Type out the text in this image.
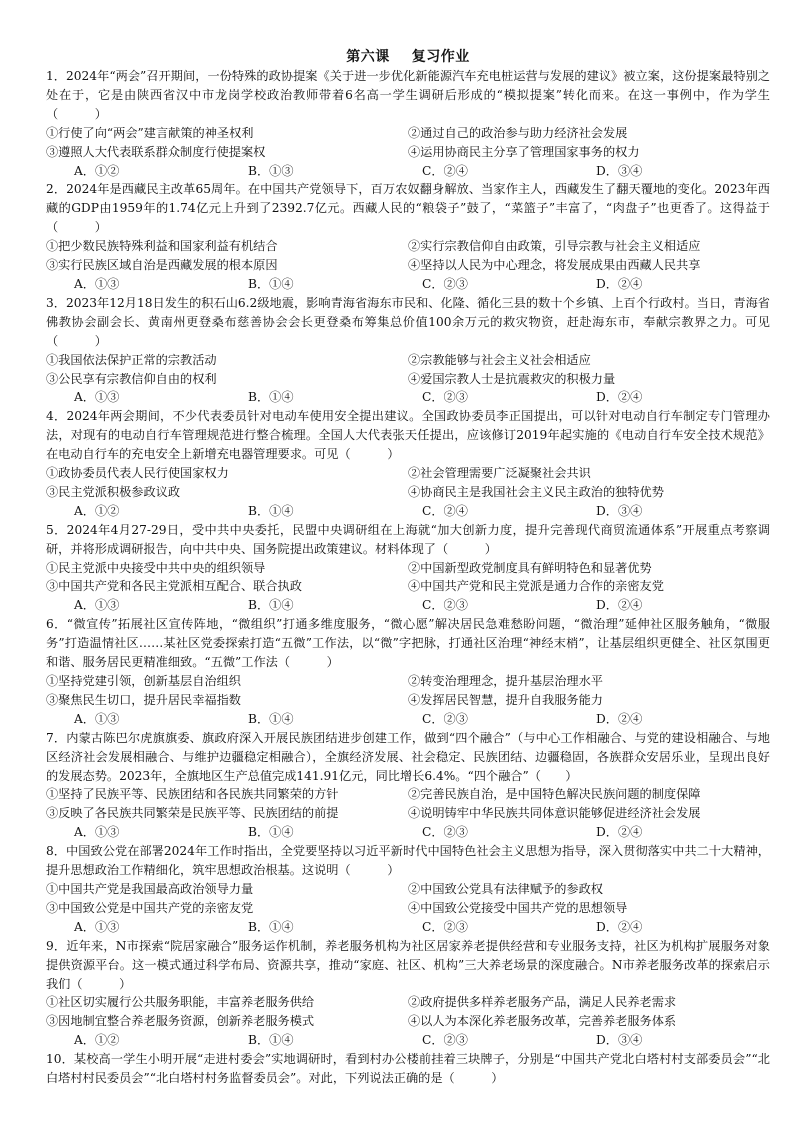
第六课 复习作业

1．2024年“两会”召开期间，一份特殊的政协提案《关于进一步优化新能源汽车充电桩运营与发展的建议》被立案，这份提案最特别之处在于，它是由陕西省汉中市龙岗学校政治教师带着6名高一学生调研后形成的“模拟提案”转化而来。在这一事例中，作为学生（　　　）

①行使了向“两会”建言献策的神圣权利	②通过自己的政治参与助力经济社会发展
③遵照人大代表联系群众制度行使提案权	④运用协商民主分享了管理国家事务的权力
A．①②	B．①③	C．②④	D．③④

2．2024年是西藏民主改革65周年。在中国共产党领导下，百万农奴翻身解放、当家作主人，西藏发生了翻天覆地的变化。2023年西藏的GDP由1959年的1.74亿元上升到了2392.7亿元。西藏人民的“粮袋子”鼓了，“菜篮子”丰富了，“肉盘子”也更香了。这得益于（　　　）

①把少数民族特殊利益和国家利益有机结合	②实行宗教信仰自由政策，引导宗教与社会主义相适应
③实行民族区域自治是西藏发展的根本原因	④坚持以人民为中心理念，将发展成果由西藏人民共享
A．①③	B．①④	C．②③	D．②④

3．2023年12月18日发生的积石山6.2级地震，影响青海省海东市民和、化隆、循化三县的数十个乡镇、上百个行政村。当日，青海省佛教协会副会长、黄南州更登桑布慈善协会会长更登桑布筹集总价值100余万元的救灾物资，赶赴海东市，奉献宗教界之力。可见（　　　）

①我国依法保护正常的宗教活动	②宗教能够与社会主义社会相适应
③公民享有宗教信仰自由的权利	④爱国宗教人士是抗震救灾的积极力量
A．①③	B．①④	C．②③	D．②④

4．2024年两会期间，不少代表委员针对电动车使用安全提出建议。全国政协委员李正国提出，可以针对电动自行车制定专门管理办法，对现有的电动自行车管理规范进行整合梳理。全国人大代表张天任提出，应该修订2019年起实施的《电动自行车安全技术规范》在电动自行车的充电安全上新增充电器管理要求。可见（　　　）

①政协委员代表人民行使国家权力	②社会管理需要广泛凝聚社会共识
③民主党派积极参政议政	④协商民主是我国社会主义民主政治的独特优势
A．①②	B．①④	C．②④	D．③④

5．2024年4月27-29日，受中共中央委托，民盟中央调研组在上海就“加大创新力度，提升完善现代商贸流通体系”开展重点考察调研，并将形成调研报告，向中共中央、国务院提出政策建议。材料体现了（　　　）

①民主党派中央接受中共中央的组织领导	②中国新型政党制度具有鲜明特色和显著优势
③中国共产党和各民主党派相互配合、联合执政	④中国共产党和民主党派是通力合作的亲密友党
A．①③	B．①④	C．②③	D．②④

6．“微宣传”拓展社区宣传阵地，“微组织”打通多维度服务，“微心愿”解决居民急难愁盼问题，“微治理”延伸社区服务触角，“微服务”打造温情社区……某社区党委探索打造“五微”工作法，以“微”字把脉，打通社区治理“神经末梢”，让基层组织更健全、社区氛围更和谐、服务居民更精准细致。“五微”工作法（　　　）

①坚持党建引领，创新基层自治组织	②转变治理理念，提升基层治理水平
③聚焦民生切口，提升居民幸福指数	④发挥居民智慧，提升自我服务能力
A．①③	B．①④	C．②③	D．②④

7．内蒙古陈巴尔虎旗旗委、旗政府深入开展民族团结进步创建工作，做到“四个融合”（与中心工作相融合、与党的建设相融合、与地区经济社会发展相融合、与维护边疆稳定相融合），全旗经济发展、社会稳定、民族团结、边疆稳固，各族群众安居乐业，呈现出良好的发展态势。2023年，全旗地区生产总值完成141.91亿元，同比增长6.4%。“四个融合”（　　）

①坚持了民族平等、民族团结和各民族共同繁荣的方针	②完善民族自治，是中国特色解决民族问题的制度保障
③反映了各民族共同繁荣是民族平等、民族团结的前提	④说明铸牢中华民族共同体意识能够促进经济社会发展
A．①③	B．①④	C．②③	D．②④

8．中国致公党在部署2024年工作时指出，全党要坚持以习近平新时代中国特色社会主义思想为指导，深入贯彻落实中共二十大精神，提升思想政治工作精细化，筑牢思想政治根基。这说明（　　　）

①中国共产党是我国最高政治领导力量	②中国致公党具有法律赋予的参政权
③中国致公党是中国共产党的亲密友党	④中国致公党接受中国共产党的思想领导
A．①③	B．①④	C．②③	D．②④

9．近年来，N市探索“院居家融合”服务运作机制，养老服务机构为社区居家养老提供经营和专业服务支持，社区为机构扩展服务对象提供资源平台。这一模式通过科学布局、资源共享，推动“家庭、社区、机构”三大养老场景的深度融合。N市养老服务改革的探索启示我们（　　　）

①社区切实履行公共服务职能，丰富养老服务供给	②政府提供多样养老服务产品，满足人民养老需求
③因地制宜整合养老服务资源，创新养老服务模式	④以人为本深化养老服务改革，完善养老服务体系
A．①②	B．①④	C．②③	D．③④

10．某校高一学生小明开展“走进村委会”实地调研时，看到村办公楼前挂着三块牌子，分别是“中国共产党北白塔村村支部委员会”“北白塔村村民委员会”“北白塔村村务监督委员会”。对此，下列说法正确的是（　　　）
